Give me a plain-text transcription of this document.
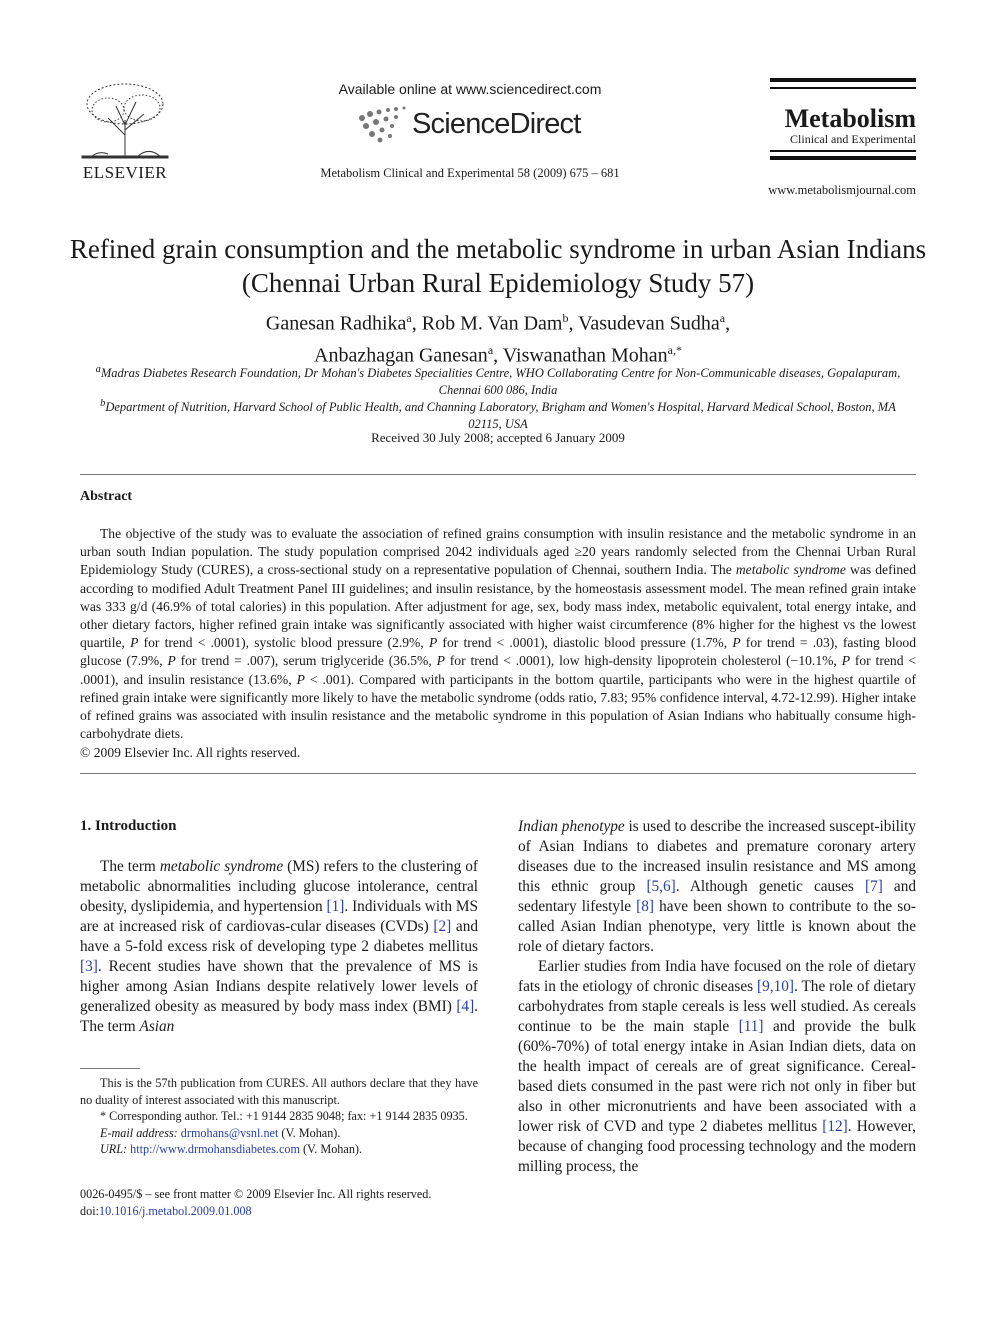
ELSEVIER
Available online at www.sciencedirect.com
ScienceDirect
Metabolism Clinical and Experimental 58 (2009) 675 – 681
Metabolism
Clinical and Experimental
www.metabolismjournal.com
Refined grain consumption and the metabolic syndrome in urban Asian Indians (Chennai Urban Rural Epidemiology Study 57)
Ganesan Radhika$^a$, Rob M. Van Dam$^b$, Vasudevan Sudha$^a$,
Anbazhagan Ganesan$^a$, Viswanathan Mohan$^{a,*}$
$^a$Madras Diabetes Research Foundation, Dr Mohan's Diabetes Specialities Centre, WHO Collaborating Centre for Non-Communicable diseases, Gopalapuram, Chennai 600 086, India
$^b$Department of Nutrition, Harvard School of Public Health, and Channing Laboratory, Brigham and Women's Hospital, Harvard Medical School, Boston, MA 02115, USA
Received 30 July 2008; accepted 6 January 2009
Abstract
The objective of the study was to evaluate the association of refined grains consumption with insulin resistance and the metabolic syndrome in an urban south Indian population. The study population comprised 2042 individuals aged ≥20 years randomly selected from the Chennai Urban Rural Epidemiology Study (CURES), a cross-sectional study on a representative population of Chennai, southern India. The metabolic syndrome was defined according to modified Adult Treatment Panel III guidelines; and insulin resistance, by the homeostasis assessment model. The mean refined grain intake was 333 g/d (46.9% of total calories) in this population. After adjustment for age, sex, body mass index, metabolic equivalent, total energy intake, and other dietary factors, higher refined grain intake was significantly associated with higher waist circumference (8% higher for the highest vs the lowest quartile, P for trend < .0001), systolic blood pressure (2.9%, P for trend < .0001), diastolic blood pressure (1.7%, P for trend = .03), fasting blood glucose (7.9%, P for trend = .007), serum triglyceride (36.5%, P for trend < .0001), low high-density lipoprotein cholesterol (−10.1%, P for trend < .0001), and insulin resistance (13.6%, P < .001). Compared with participants in the bottom quartile, participants who were in the highest quartile of refined grain intake were significantly more likely to have the metabolic syndrome (odds ratio, 7.83; 95% confidence interval, 4.72-12.99). Higher intake of refined grains was associated with insulin resistance and the metabolic syndrome in this population of Asian Indians who habitually consume high-carbohydrate diets.
© 2009 Elsevier Inc. All rights reserved.
1. Introduction

The term metabolic syndrome (MS) refers to the clustering of metabolic abnormalities including glucose intolerance, central obesity, dyslipidemia, and hypertension [1]. Individuals with MS are at increased risk of cardiovas-cular diseases (CVDs) [2] and have a 5-fold excess risk of developing type 2 diabetes mellitus [3]. Recent studies have shown that the prevalence of MS is higher among Asian Indians despite relatively lower levels of generalized obesity as measured by body mass index (BMI) [4]. The term Asian

Indian phenotype is used to describe the increased suscept-ibility of Asian Indians to diabetes and premature coronary artery diseases due to the increased insulin resistance and MS among this ethnic group [5,6]. Although genetic causes [7] and sedentary lifestyle [8] have been shown to contribute to the so-called Asian Indian phenotype, very little is known about the role of dietary factors.

Earlier studies from India have focused on the role of dietary fats in the etiology of chronic diseases [9,10]. The role of dietary carbohydrates from staple cereals is less well studied. As cereals continue to be the main staple [11] and provide the bulk (60%-70%) of total energy intake in Asian Indian diets, data on the health impact of cereals are of great significance. Cereal-based diets consumed in the past were rich not only in fiber but also in other micronutrients and have been associated with a lower risk of CVD and type 2 diabetes mellitus [12]. However, because of changing food processing technology and the modern milling process, the

This is the 57th publication from CURES. All authors declare that they have no duality of interest associated with this manuscript.

* Corresponding author. Tel.: +1 9144 2835 9048; fax: +1 9144 2835 0935.

E-mail address: drmohans@vsnl.net (V. Mohan).

URL: http://www.drmohansdiabetes.com (V. Mohan).

0026-0495/$ – see front matter © 2009 Elsevier Inc. All rights reserved.
doi:10.1016/j.metabol.2009.01.008
